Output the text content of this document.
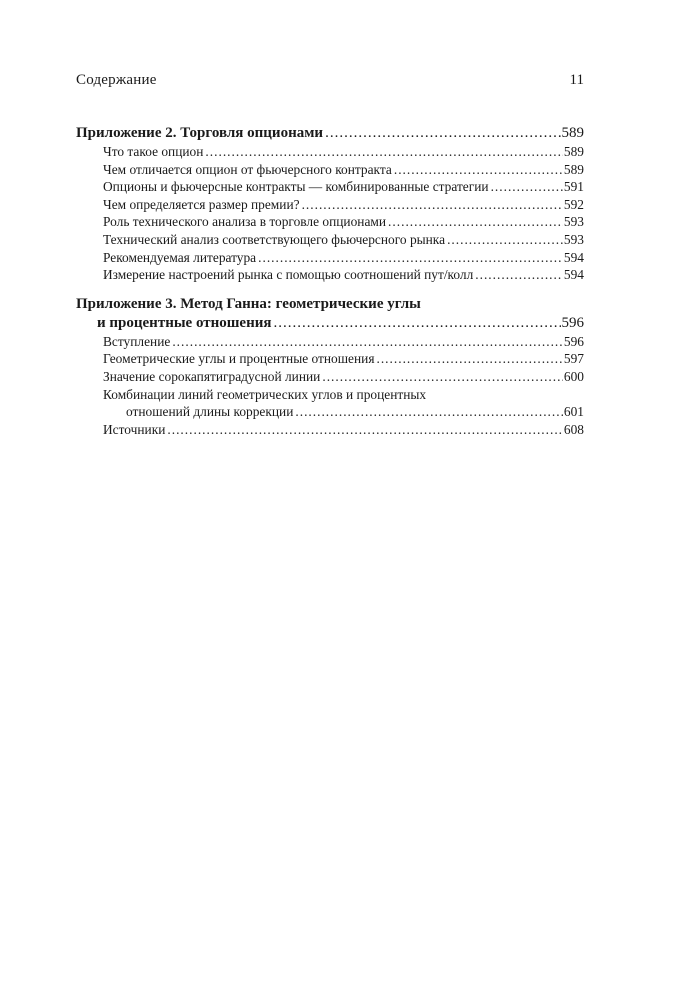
Содержание	11
Приложение 2. Торговля опционами .....	589
Что такое опцион .....	589
Чем отличается опцион от фьючерсного контракта .....	589
Опционы и фьючерсные контракты — комбинированные стратегии .....	591
Чем определяется размер премии? .....	592
Роль технического анализа в торговле опционами .....	593
Технический анализ соответствующего фьючерсного рынка .....	593
Рекомендуемая литература .....	594
Измерение настроений рынка с помощью соотношений пут/колл .....	594
Приложение 3. Метод Ганна: геометрические углы
и процентные отношения .....	596
Вступление .....	596
Геометрические углы и процентные отношения .....	597
Значение сорокапятиградусной линии .....	600
Комбинации линий геометрических углов и процентных
отношений длины коррекции .....	601
Источники .....	608
